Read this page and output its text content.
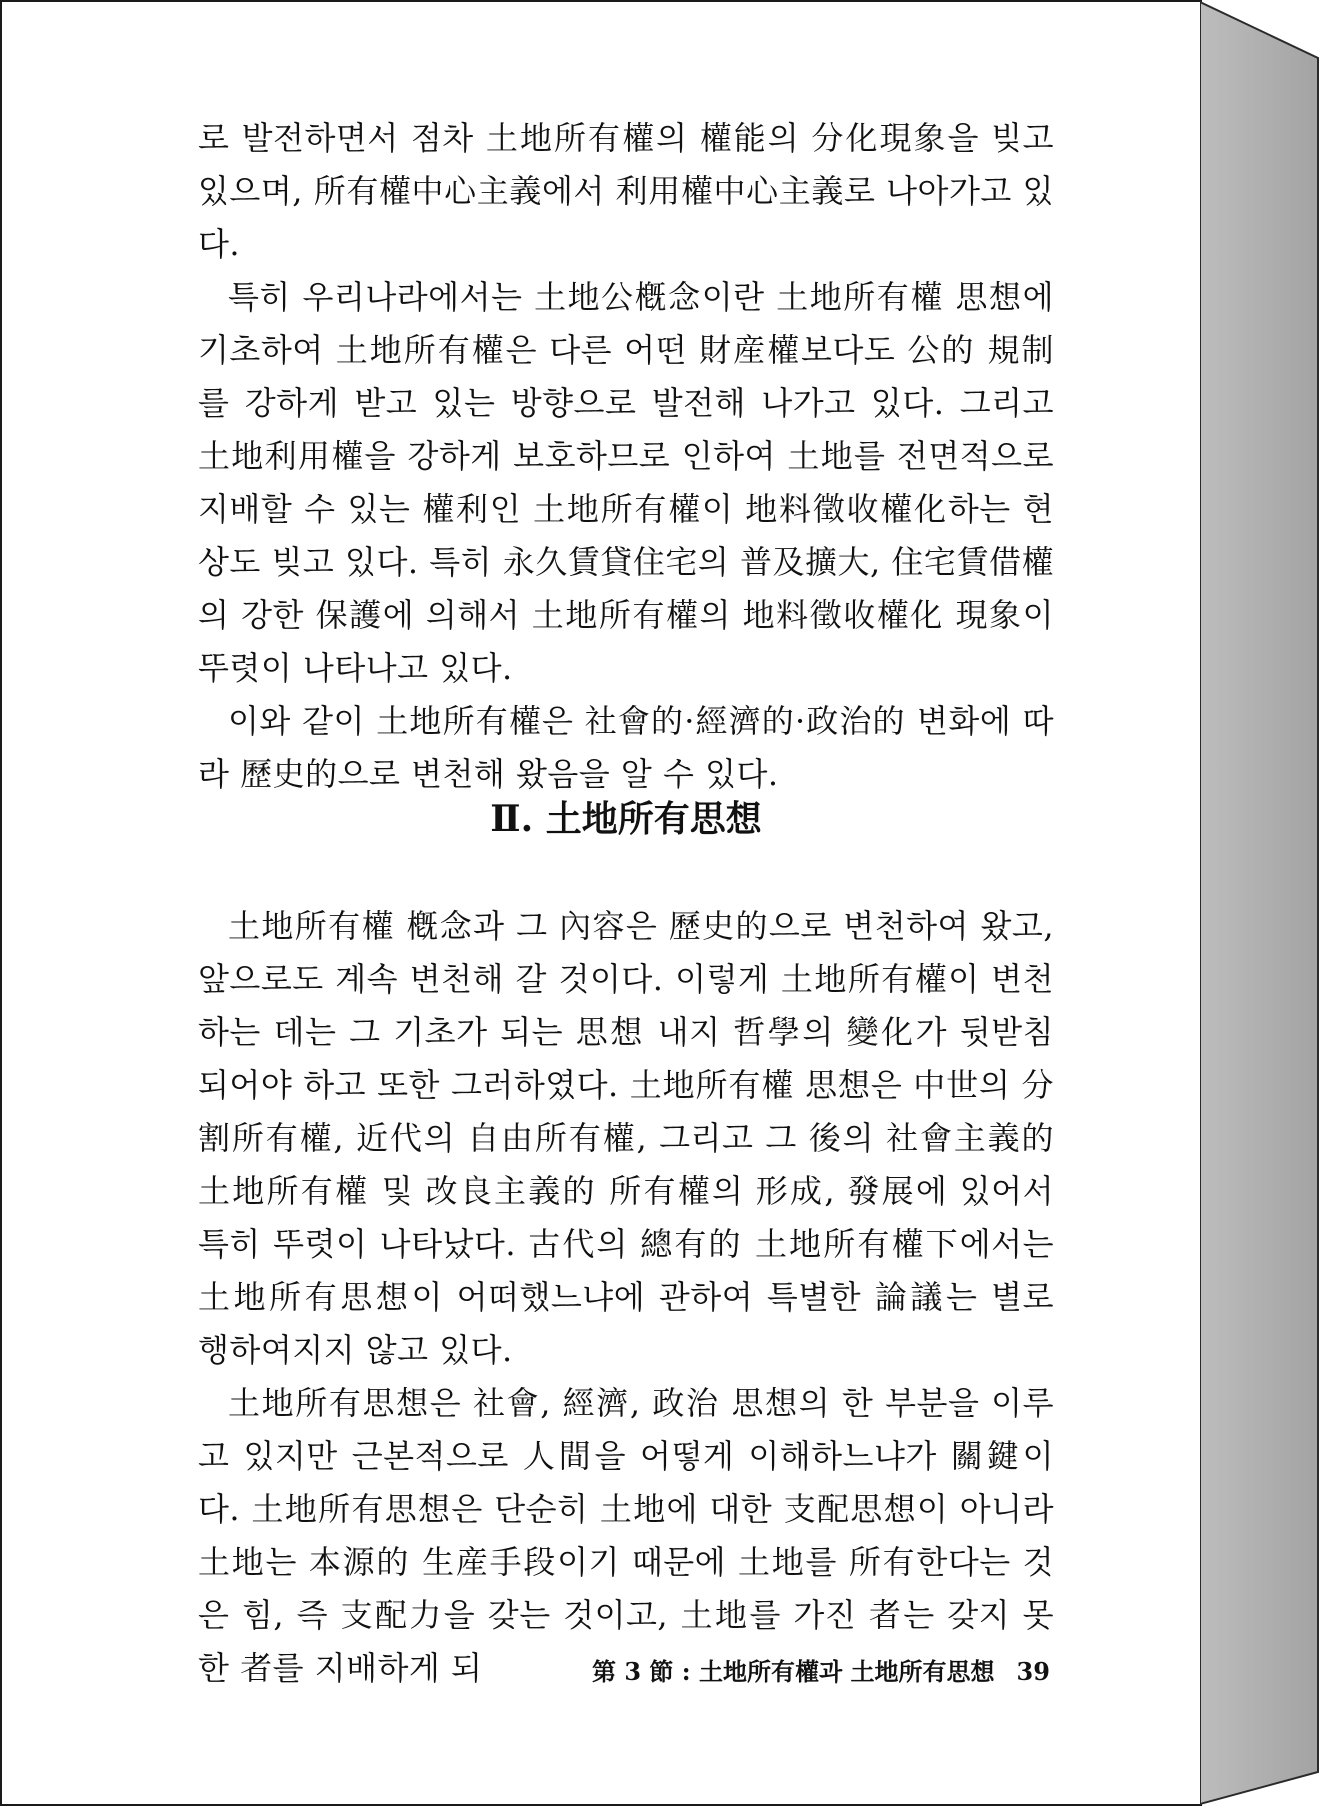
로 발전하면서 점차 土地所有權의 權能의 分化現象을 빚고 있으며, 所有權中心主義에서 利用權中心主義로 나아가고 있다.

특히 우리나라에서는 土地公槪念이란 土地所有權 思想에 기초하여 土地所有權은 다른 어떤 財産權보다도 公的 規制를 강하게 받고 있는 방향으로 발전해 나가고 있다. 그리고 土地利用權을 강하게 보호하므로 인하여 土地를 전면적으로 지배할 수 있는 權利인 土地所有權이 地料徵收權化하는 현상도 빚고 있다. 특히 永久賃貸住宅의 普及擴大, 住宅賃借權의 강한 保護에 의해서 土地所有權의 地料徵收權化 現象이 뚜렷이 나타나고 있다.

이와 같이 土地所有權은 社會的·經濟的·政治的 변화에 따라 歷史的으로 변천해 왔음을 알 수 있다.

Ⅱ. 土地所有思想

土地所有權 槪念과 그 內容은 歷史的으로 변천하여 왔고, 앞으로도 계속 변천해 갈 것이다. 이렇게 土地所有權이 변천하는 데는 그 기초가 되는 思想 내지 哲學의 變化가 뒷받침되어야 하고 또한 그러하였다. 土地所有權 思想은 中世의 分割所有權, 近代의 自由所有權, 그리고 그 後의 社會主義的 土地所有權 및 改良主義的 所有權의 形成, 發展에 있어서 특히 뚜렷이 나타났다. 古代의 總有的 土地所有權下에서는 土地所有思想이 어떠했느냐에 관하여 특별한 論議는 별로 행하여지지 않고 있다.

土地所有思想은 社會, 經濟, 政治 思想의 한 부분을 이루고 있지만 근본적으로 人間을 어떻게 이해하느냐가 關鍵이다. 土地所有思想은 단순히 土地에 대한 支配思想이 아니라 土地는 本源的 生産手段이기 때문에 土地를 所有한다는 것은 힘, 즉 支配力을 갖는 것이고, 土地를 가진 者는 갖지 못한 者를 지배하게 되	第 3 節 : 土地所有權과 土地所有思想 39
